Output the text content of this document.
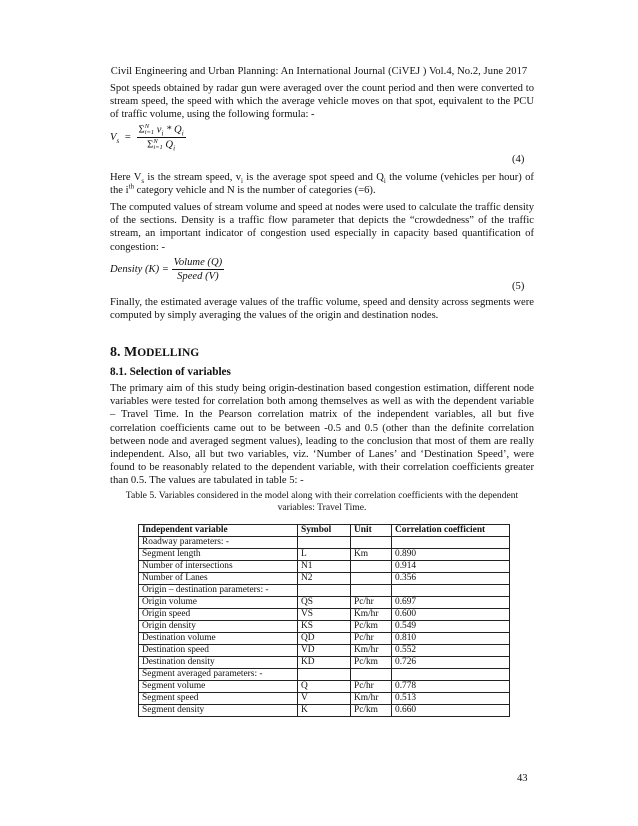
Civil Engineering and Urban Planning: An International Journal (CiVEJ ) Vol.4, No.2, June 2017

Spot speeds obtained by radar gun were averaged over the count period and then were converted to stream speed, the speed with which the average vehicle moves on that spot, equivalent to the PCU of traffic volume, using the following formula: -

$V_s = \Sigma$ N
i=1 $v_i * Q_i$
Σ N
i=1 $Q_i$
(4)

Here $V_s$ is the stream speed, $v_i$ is the average spot speed and $Q_i$ the volume (vehicles per hour) of the $i^{th}$ category vehicle and N is the number of categories (=6).

The computed values of stream volume and speed at nodes were used to calculate the traffic density of the sections. Density is a traffic flow parameter that depicts the “crowdedness” of the traffic stream, an important indicator of congestion used especially in capacity based quantification of congestion: -

Density $(K) = \frac{\text{Volume (Q)}}{\text{Speed (V)}}$
(5)

Finally, the estimated average values of the traffic volume, speed and density across segments were computed by simply averaging the values of the origin and destination nodes.

8. MODELLING
8.1. Selection of variables

The primary aim of this study being origin-destination based congestion estimation, different node variables were tested for correlation both among themselves as well as with the dependent variable – Travel Time. In the Pearson correlation matrix of the independent variables, all but five correlation coefficients came out to be between -0.5 and 0.5 (other than the definite correlation between node and averaged segment values), leading to the conclusion that most of them are really independent. Also, all but two variables, viz. ‘Number of Lanes’ and ‘Destination Speed’, were found to be reasonably related to the dependent variable, with their correlation coefficients greater than 0.5. The values are tabulated in table 5: -

Table 5. Variables considered in the model along with their correlation coefficients with the dependent variables: Travel Time.
Independent variable	Symbol	Unit	Correlation coefficient
Roadway parameters: -			
Segment length	L	Km	0.890
Number of intersections	N1		0.914
Number of Lanes	N2		0.356
Origin – destination parameters: -			
Origin volume	QS	Pc/hr	0.697
Origin speed	VS	Km/hr	0.600
Origin density	KS	Pc/km	0.549
Destination volume	QD	Pc/hr	0.810
Destination speed	VD	Km/hr	0.552
Destination density	KD	Pc/km	0.726
Segment averaged parameters: -			
Segment volume	Q	Pc/hr	0.778
Segment speed	V	Km/hr	0.513
Segment density	K	Pc/km	0.660
43
